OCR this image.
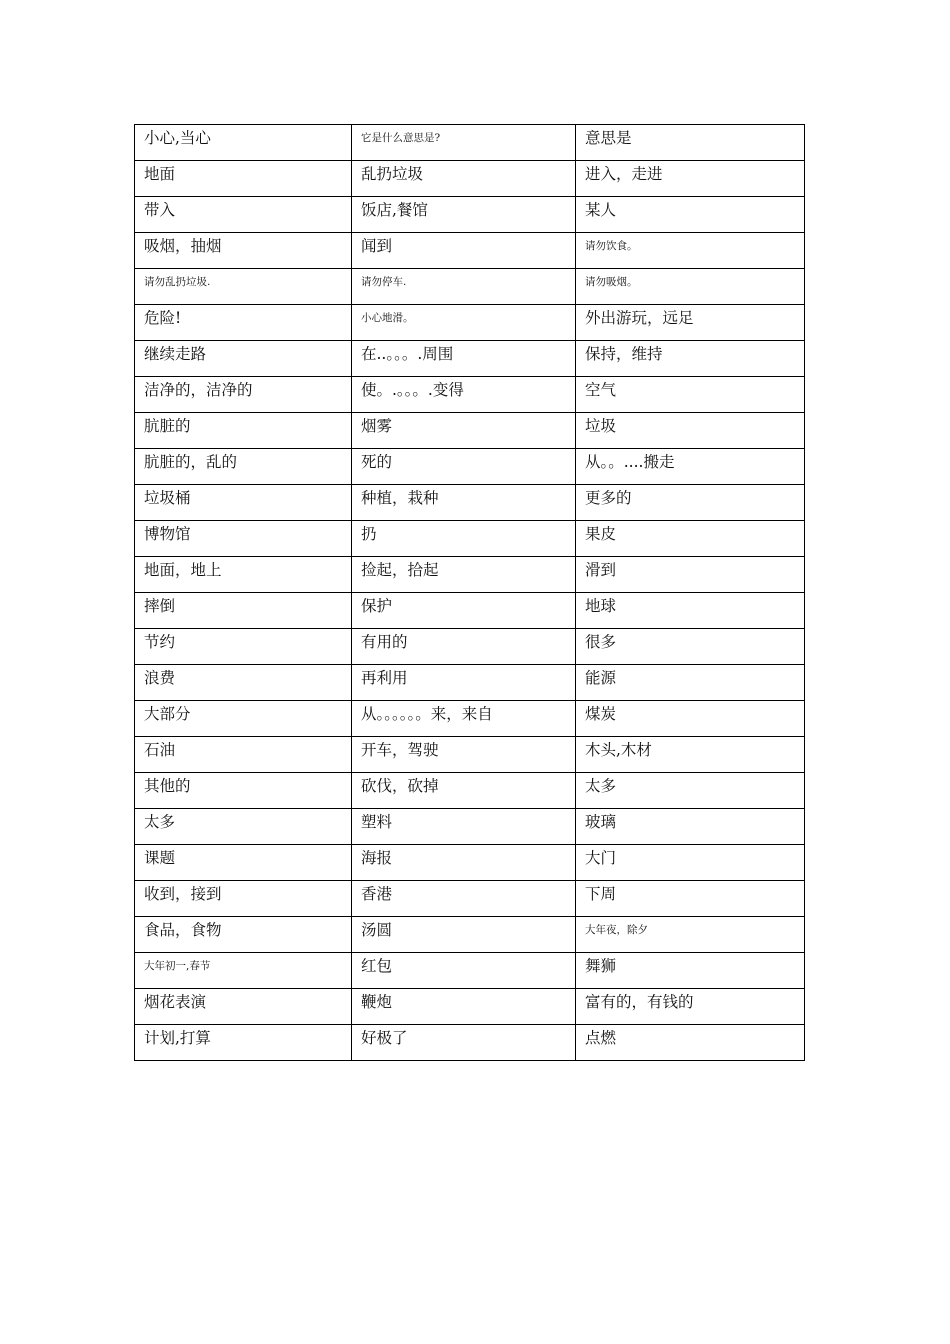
小心,当心	它是什么意思是?	意思是
地面	乱扔垃圾	进入，走进
带入	饭店,餐馆	某人
吸烟，抽烟	闻到	请勿饮食。
请勿乱扔垃圾.	请勿停车.	请勿吸烟。
危险!	小心地滑。	外出游玩，远足
继续走路	在..。。。.周围	保持，维持
洁净的，洁净的	使。.。。。.变得	空气
肮脏的	烟雾	垃圾
肮脏的，乱的	死的	从。。....搬走
垃圾桶	种植，栽种	更多的
博物馆	扔	果皮
地面，地上	捡起，拾起	滑到
摔倒	保护	地球
节约	有用的	很多
浪费	再利用	能源
大部分	从。。。。。。来，来自	煤炭
石油	开车，驾驶	木头,木材
其他的	砍伐，砍掉	太多
太多	塑料	玻璃
课题	海报	大门
收到，接到	香港	下周
食品，食物	汤圆	大年夜，除夕
大年初一,春节	红包	舞狮
烟花表演	鞭炮	富有的，有钱的
计划,打算	好极了	点燃
